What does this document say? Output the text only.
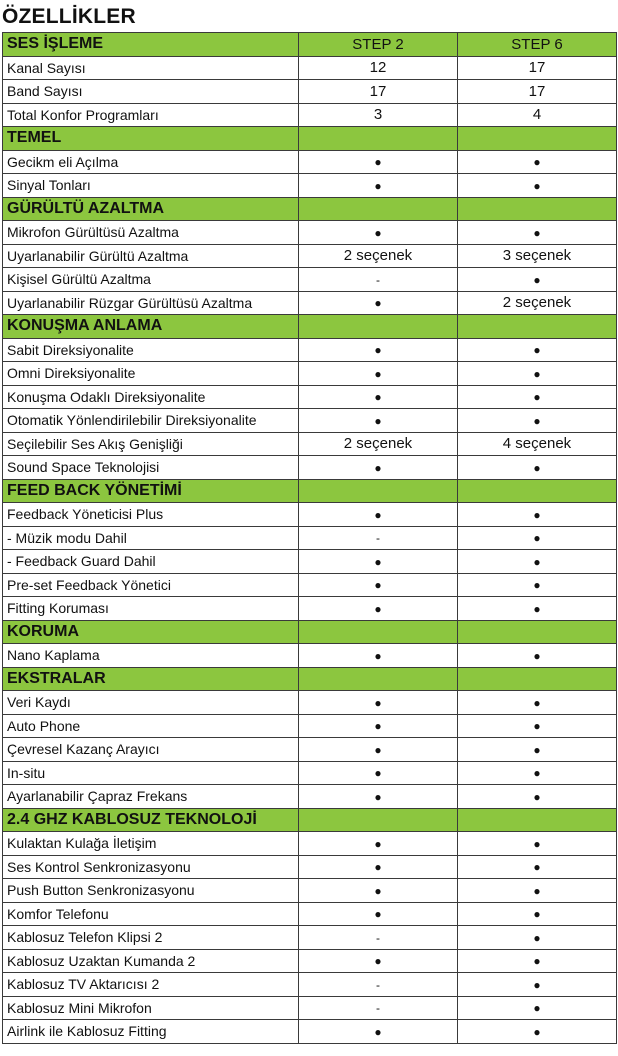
ÖZELLİKLER
SES İŞLEME	STEP 2	STEP 6
Kanal Sayısı	12	17
Band Sayısı	17	17
Total Konfor Programları	3	4
TEMEL		
Gecikm eli Açılma	●	●
Sinyal Tonları	●	●
GÜRÜLTÜ AZALTMA		
Mikrofon Gürültüsü Azaltma	●	●
Uyarlanabilir Gürültü Azaltma	2 seçenek	3 seçenek
Kişisel Gürültü Azaltma	-	●
Uyarlanabilir Rüzgar Gürültüsü Azaltma	●	2 seçenek
KONUŞMA ANLAMA		
Sabit Direksiyonalite	●	●
Omni Direksiyonalite	●	●
Konuşma Odaklı Direksiyonalite	●	●
Otomatik Yönlendirilebilir Direksiyonalite	●	●
Seçilebilir Ses Akış Genişliği	2 seçenek	4 seçenek
Sound Space Teknolojisi	●	●
FEED BACK YÖNETİMİ		
Feedback Yöneticisi Plus	●	●
- Müzik modu Dahil	-	●
- Feedback Guard Dahil	●	●
Pre-set Feedback Yönetici	●	●
Fitting Koruması	●	●
KORUMA		
Nano Kaplama	●	●
EKSTRALAR		
Veri Kaydı	●	●
Auto Phone	●	●
Çevresel Kazanç Arayıcı	●	●
In-situ	●	●
Ayarlanabilir Çapraz Frekans	●	●
2.4 GHZ KABLOSUZ TEKNOLOJİ		
Kulaktan Kulağa İletişim	●	●
Ses Kontrol Senkronizasyonu	●	●
Push Button Senkronizasyonu	●	●
Komfor Telefonu	●	●
Kablosuz Telefon Klipsi 2	-	●
Kablosuz Uzaktan Kumanda 2	●	●
Kablosuz TV Aktarıcısı 2	-	●
Kablosuz Mini Mikrofon	-	●
Airlink ile Kablosuz Fitting	●	●
